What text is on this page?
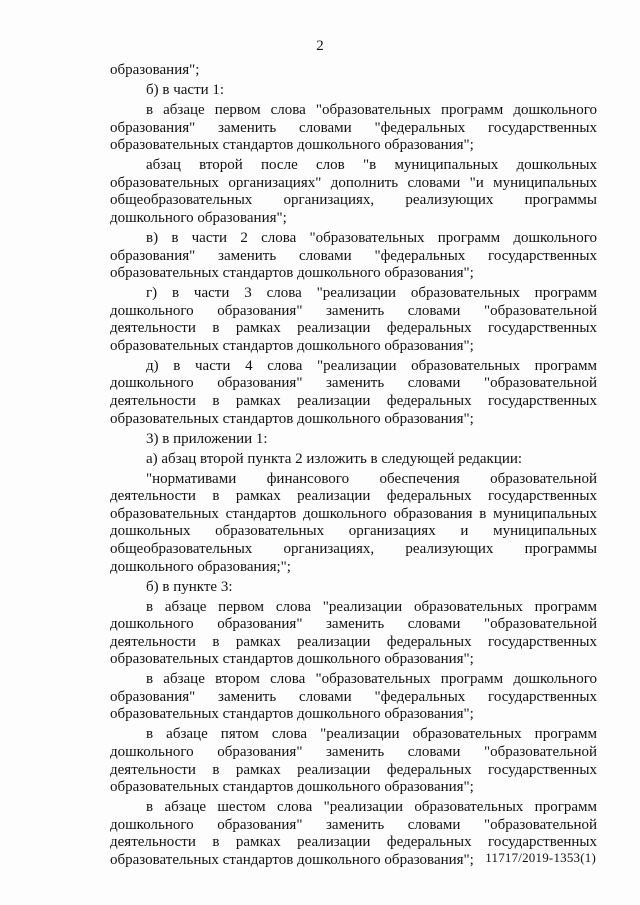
2

образования";

б) в части 1:

в абзаце первом слова "образовательных программ дошкольного образования" заменить словами "федеральных государственных образовательных стандартов дошкольного образования";

абзац второй после слов "в муниципальных дошкольных образовательных организациях" дополнить словами "и муниципальных общеобразовательных организациях, реализующих программы дошкольного образования";

в) в части 2 слова "образовательных программ дошкольного образования" заменить словами "федеральных государственных образовательных стандартов дошкольного образования";

г) в части 3 слова "реализации образовательных программ дошкольного образования" заменить словами "образовательной деятельности в рамках реализации федеральных государственных образовательных стандартов дошкольного образования";

д) в части 4 слова "реализации образовательных программ дошкольного образования" заменить словами "образовательной деятельности в рамках реализации федеральных государственных образовательных стандартов дошкольного образования";

3) в приложении 1:

а) абзац второй пункта 2 изложить в следующей редакции:

"нормативами финансового обеспечения образовательной деятельности в рамках реализации федеральных государственных образовательных стандартов дошкольного образования в муниципальных дошкольных образовательных организациях и муниципальных общеобразовательных организациях, реализующих программы дошкольного образования;";

б) в пункте 3:

в абзаце первом слова "реализации образовательных программ дошкольного образования" заменить словами "образовательной деятельности в рамках реализации федеральных государственных образовательных стандартов дошкольного образования";

в абзаце втором слова "образовательных программ дошкольного образования" заменить словами "федеральных государственных образовательных стандартов дошкольного образования";

в абзаце пятом слова "реализации образовательных программ дошкольного образования" заменить словами "образовательной деятельности в рамках реализации федеральных государственных образовательных стандартов дошкольного образования";

в абзаце шестом слова "реализации образовательных программ дошкольного образования" заменить словами "образовательной деятельности в рамках реализации федеральных государственных образовательных стандартов дошкольного образования"; 11717/2019-1353(1)
